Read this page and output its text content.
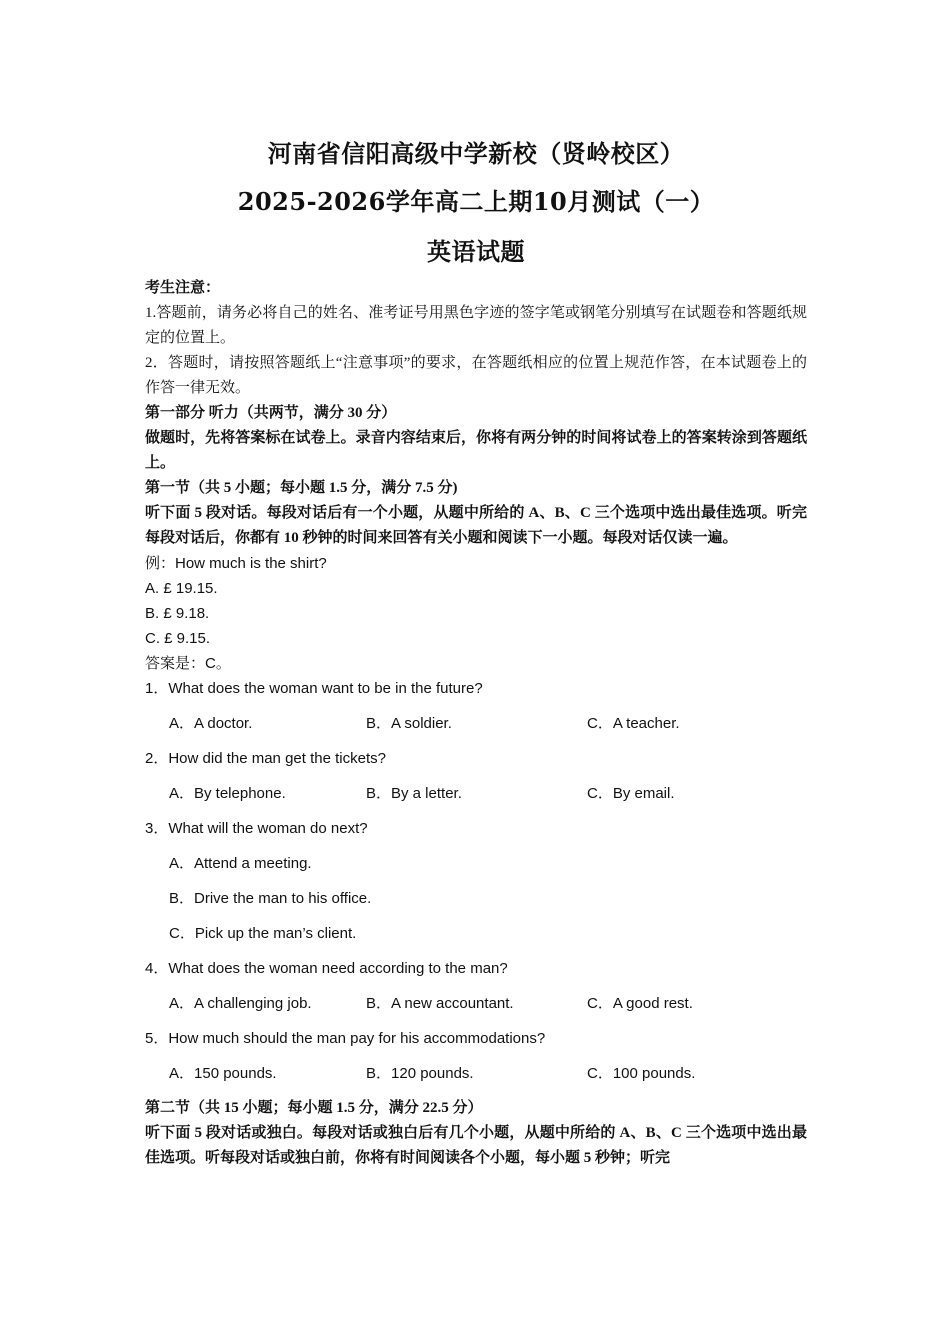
河南省信阳高级中学新校（贤岭校区）
2025-2026学年高二上期10月测试（一）
英语试题

考生注意：

1.答题前，请务必将自己的姓名、准考证号用黑色字迹的签字笔或钢笔分别填写在试题卷和答题纸规定的位置上。

2．答题时，请按照答题纸上“注意事项”的要求，在答题纸相应的位置上规范作答，在本试题卷上的作答一律无效。

第一部分 听力（共两节，满分 30 分）

做题时，先将答案标在试卷上。录音内容结束后，你将有两分钟的时间将试卷上的答案转涂到答题纸上。

第一节（共 5 小题；每小题 1.5 分，满分 7.5 分)

听下面 5 段对话。每段对话后有一个小题，从题中所给的 A、B、C 三个选项中选出最佳选项。听完每段对话后，你都有 10 秒钟的时间来回答有关小题和阅读下一小题。每段对话仅读一遍。

例：How much is the shirt?

A. £ 19.15.

B. £ 9.18.

C. £ 9.15.

答案是：C。

1．What does the woman want to be in the future?
A．A doctor.	B．A soldier.	C．A teacher.
2．How did the man get the tickets?
A．By telephone.	B．By a letter.	C．By email.
3．What will the woman do next?
A．Attend a meeting.
B．Drive the man to his office.
C．Pick up the man’s client.
4．What does the woman need according to the man?
A．A challenging job.	B．A new accountant.	C．A good rest.
5．How much should the man pay for his accommodations?
A．150 pounds.	B．120 pounds.	C．100 pounds.

第二节（共 15 小题；每小题 1.5 分，满分 22.5 分）

听下面 5 段对话或独白。每段对话或独白后有几个小题，从题中所给的 A、B、C 三个选项中选出最佳选项。听每段对话或独白前，你将有时间阅读各个小题，每小题 5 秒钟；听完
